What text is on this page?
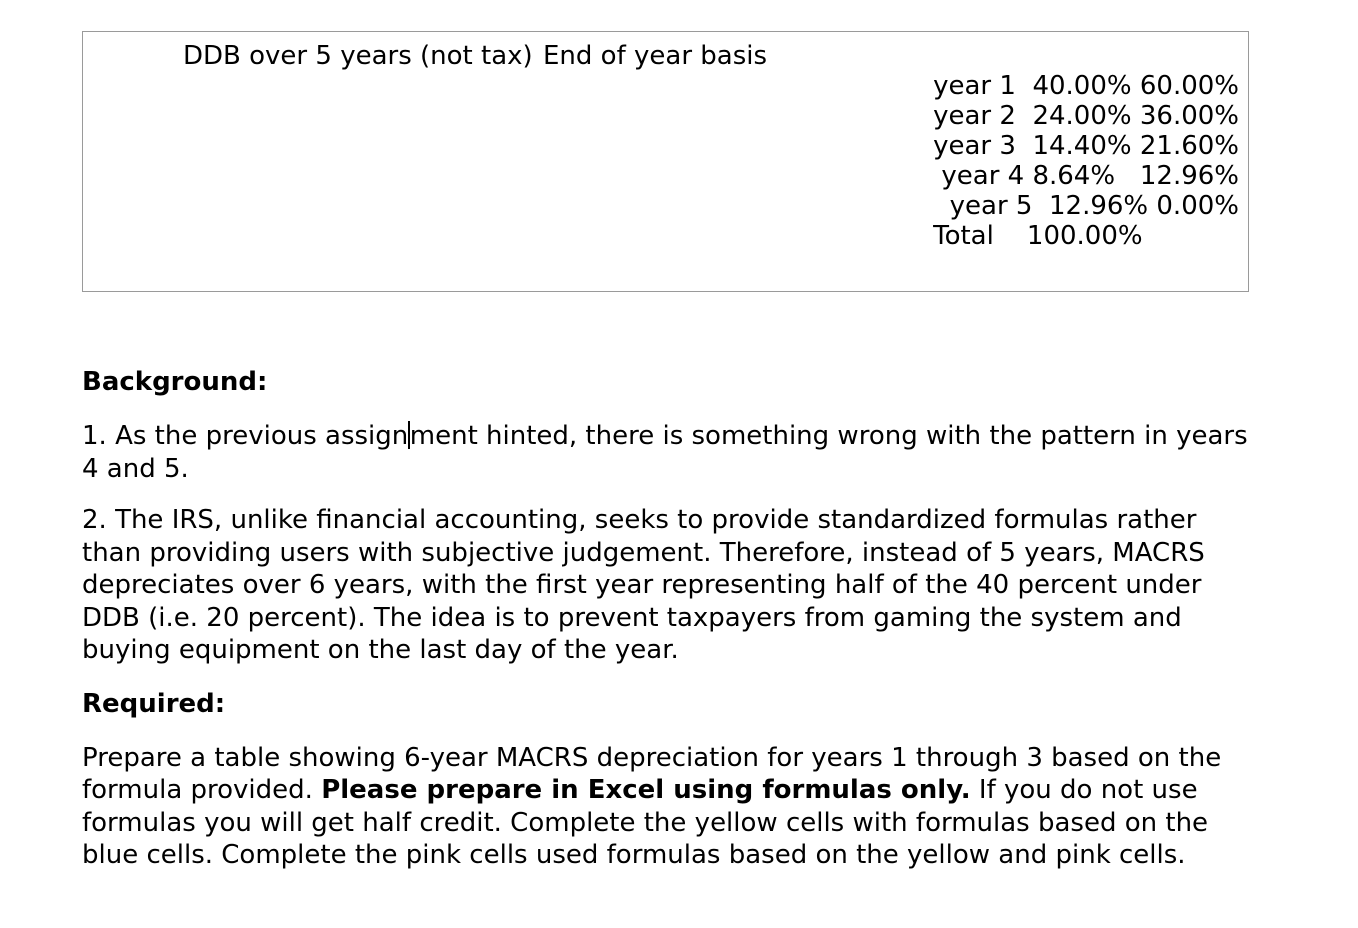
DDB over 5 years (not tax) End of year basis
year 1 40.00% 60.00%
year 2 24.00% 36.00%
year 3 14.40% 21.60%
year 4 8.64% 12.96%
year 5 12.96% 0.00%
Total 100.00%
Background:

1. As the previous assignment hinted, there is something wrong with the pattern in years 4 and 5.

2. The IRS, unlike financial accounting, seeks to provide standardized formulas rather than providing users with subjective judgement. Therefore, instead of 5 years, MACRS depreciates over 6 years, with the first year representing half of the 40 percent under DDB (i.e. 20 percent). The idea is to prevent taxpayers from gaming the system and buying equipment on the last day of the year.

Required:

Prepare a table showing 6-year MACRS depreciation for years 1 through 3 based on the formula provided. Please prepare in Excel using formulas only. If you do not use formulas you will get half credit. Complete the yellow cells with formulas based on the blue cells. Complete the pink cells used formulas based on the yellow and pink cells.
